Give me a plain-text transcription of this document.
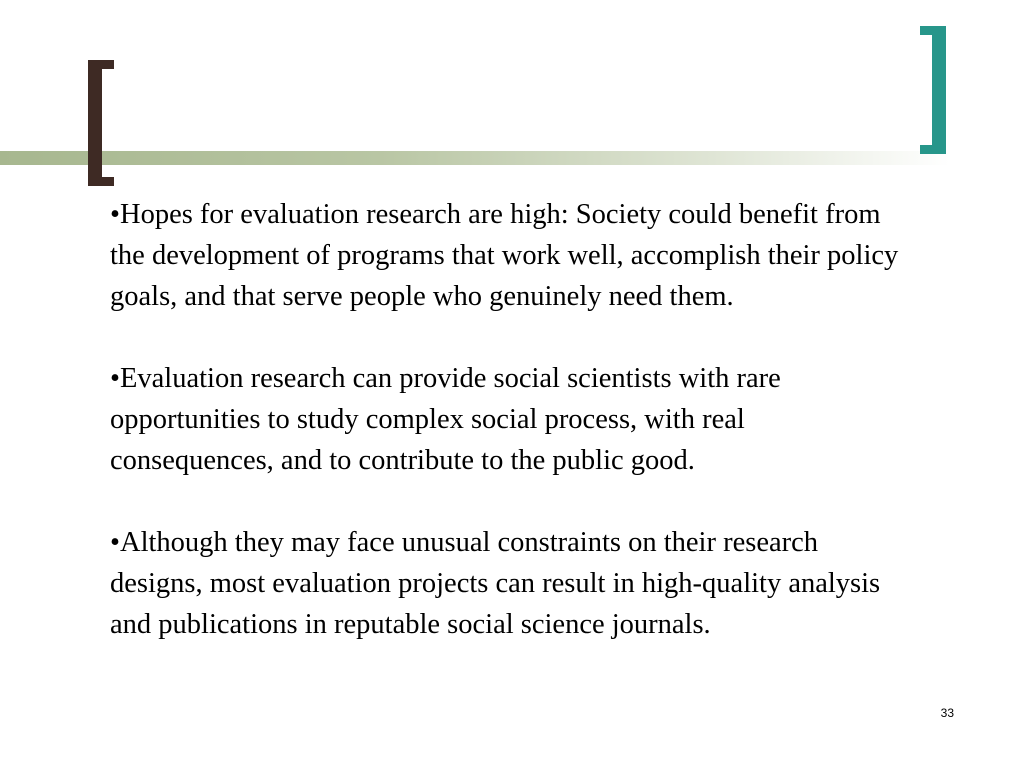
•Hopes for evaluation research are high: Society could benefit from the development of programs that work well, accomplish their policy goals, and that serve people who genuinely need them.

•Evaluation research can provide social scientists with rare opportunities to study complex social process, with real consequences, and to contribute to the public good.

•Although they may face unusual constraints on their research designs, most evaluation projects can result in high-quality analysis and publications in reputable social science journals.

33
